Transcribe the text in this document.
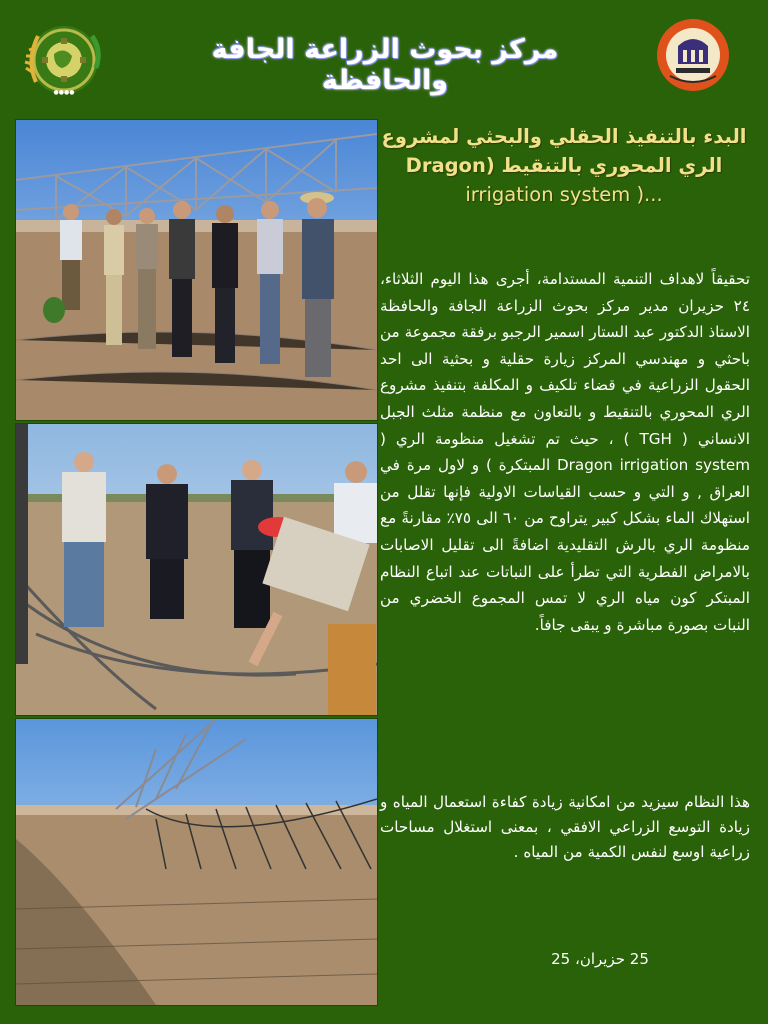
●●●●
مركز بحوث الزراعة الجافة والحافظة
البدء بالتنفيذ الحقلي والبحثي لمشروع
الري المحوري بالتنقيط (Dragon
irrigation system )...
تحقيقاً لاهداف التنمية المستدامة، أجرى هذا اليوم الثلاثاء، ٢٤ حزيران مدير مركز بحوث الزراعة الجافة والحافظة الاستاذ الدكتور عبد الستار اسمير الرجبو برفقة مجموعة من باحثي و مهندسي المركز زيارة حقلية و بحثية الى احد الحقول الزراعية في قضاء تلكيف و المكلفة بتنفيذ مشروع الري المحوري بالتنقيط و بالتعاون مع منظمة مثلث الجبل الانساني ( TGH ) ، حيث تم تشغيل منظومة الري ( Dragon irrigation system المبتكرة ) و لاول مرة في العراق , و التي و حسب القياسات الاولية فإنها تقلل من استهلاك الماء بشكل كبير يتراوح من ٦٠ الى ٧٥٪ مقارنةً مع منظومة الري بالرش التقليدية اضافةً الى تقليل الاصابات بالامراض الفطرية التي تطرأ على النباتات عند اتباع النظام المبتكر كون مياه الري لا تمس المجموع الخضري من النبات بصورة مباشرة و يبقى جافاً.
هذا النظام سيزيد من امكانية زيادة كفاءة استعمال المياه و زيادة التوسع الزراعي الافقي ، بمعنى استغلال مساحات زراعية اوسع لنفس الكمية من المياه .
25 حزيران، 25
